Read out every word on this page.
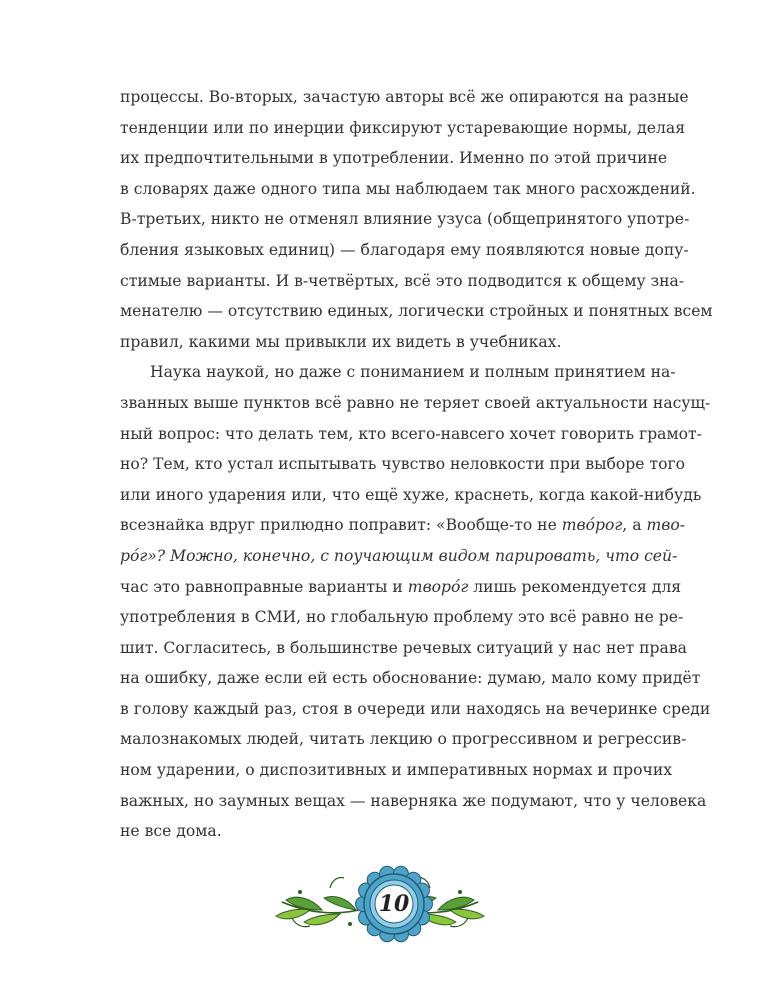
процессы. Во-вторых, зачастую авторы всё же опираются на разные
тенденции или по инерции фиксируют устаревающие нормы, делая
их предпочтительными в употреблении. Именно по этой причине
в словарях даже одного типа мы наблюдаем так много расхождений.
В-третьих, никто не отменял влияние узуса (общепринятого употре-
бления языковых единиц) — благодаря ему появляются новые допу-
стимые варианты. И в-четвёртых, всё это подводится к общему зна-
менателю — отсутствию единых, логически стройных и понятных всем
правил, какими мы привыкли их видеть в учебниках.
Наука наукой, но даже с пониманием и полным принятием на-
званных выше пунктов всё равно не теряет своей актуальности насущ-
ный вопрос: что делать тем, кто всего-навсего хочет говорить грамот-
но? Тем, кто устал испытывать чувство неловкости при выборе того
или иного ударения или, что ещё хуже, краснеть, когда какой-нибудь
всезнайка вдруг прилюдно поправит: «Вообще-то не тво́рог, а тво-
ро́г»? Можно, конечно, с поучающим видом парировать, что сей-
час это равноправные варианты и творо́г лишь рекомендуется для
употребления в СМИ, но глобальную проблему это всё равно не ре-
шит. Согласитесь, в большинстве речевых ситуаций у нас нет права
на ошибку, даже если ей есть обоснование: думаю, мало кому придёт
в голову каждый раз, стоя в очереди или находясь на вечеринке среди
малознакомых людей, читать лекцию о прогрессивном и регрессив-
ном ударении, о диспозитивных и императивных нормах и прочих
важных, но заумных вещах — наверняка же подумают, что у человека
не все дома.
10
